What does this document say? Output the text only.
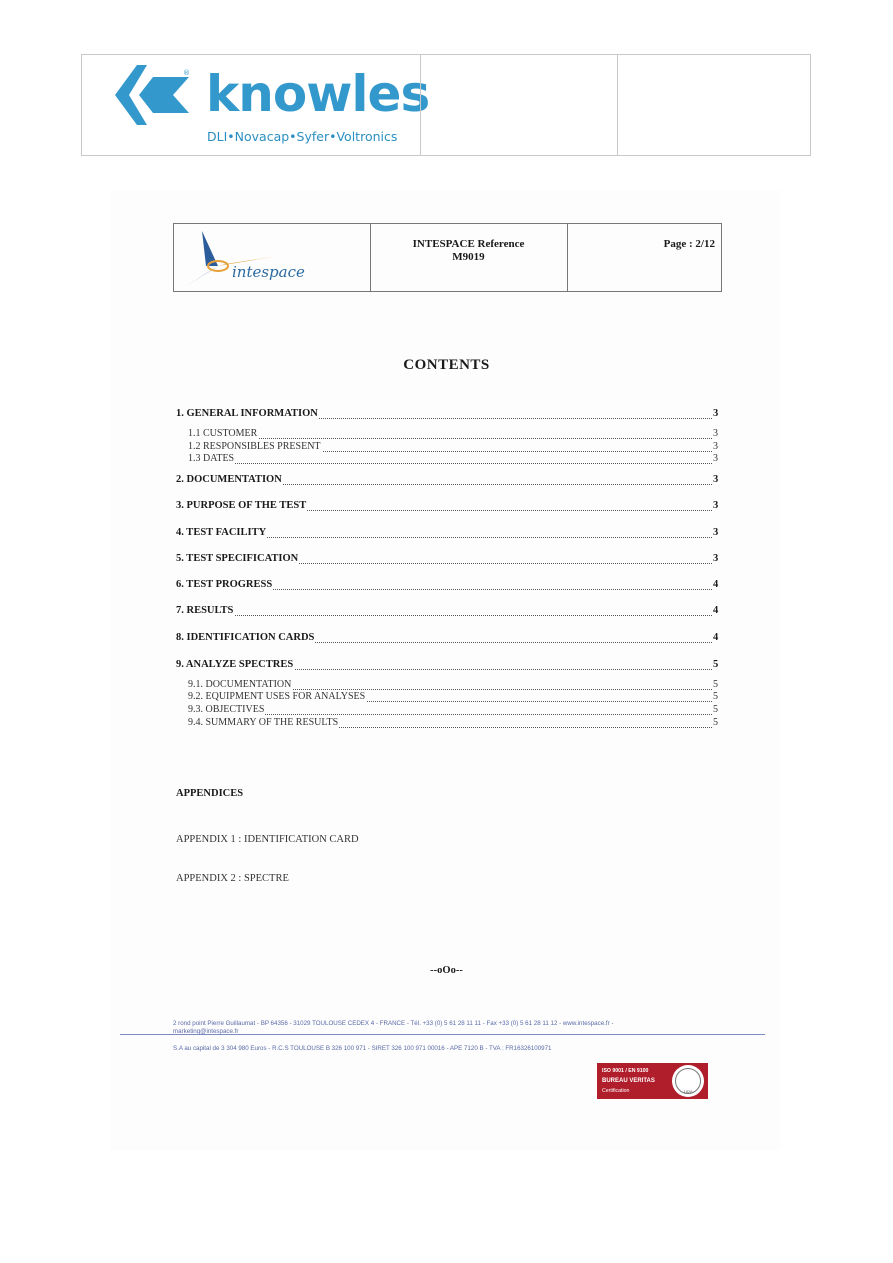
® knowles
DLI•Novacap•Syfer•Voltronics
intespace
INTESPACE Reference
M9019
Page : 2/12
CONTENTS
1. GENERAL INFORMATION	3
1.1 CUSTOMER	3
1.2 RESPONSIBLES PRESENT	3
1.3 DATES	3
2. DOCUMENTATION	3
3. PURPOSE OF THE TEST	3
4. TEST FACILITY	3
5. TEST SPECIFICATION	3
6. TEST PROGRESS	4
7. RESULTS	4
8. IDENTIFICATION CARDS	4
9. ANALYZE SPECTRES	5
9.1. DOCUMENTATION	5
9.2. EQUIPMENT USES FOR ANALYSES	5
9.3. OBJECTIVES	5
9.4. SUMMARY OF THE RESULTS	5
APPENDICES
APPENDIX 1 : IDENTIFICATION CARD
APPENDIX 2 : SPECTRE
--oOo--
2 rond point Pierre Guillaumat - BP 64356 - 31029 TOULOUSE CEDEX 4 - FRANCE - Tél. +33 (0) 5 61 28 11 11 - Fax +33 (0) 5 61 28 11 12 - www.intespace.fr -
marketing@intespace.fr
S.A au capital de 3 304 980 Euros - R.C.S TOULOUSE B 326 100 971 - SIRET 326 100 971 00016 - APE 7120 B - TVA : FR16326100971
ISO 9001 / EN 9100
BUREAU VERITAS
Certification	1828
